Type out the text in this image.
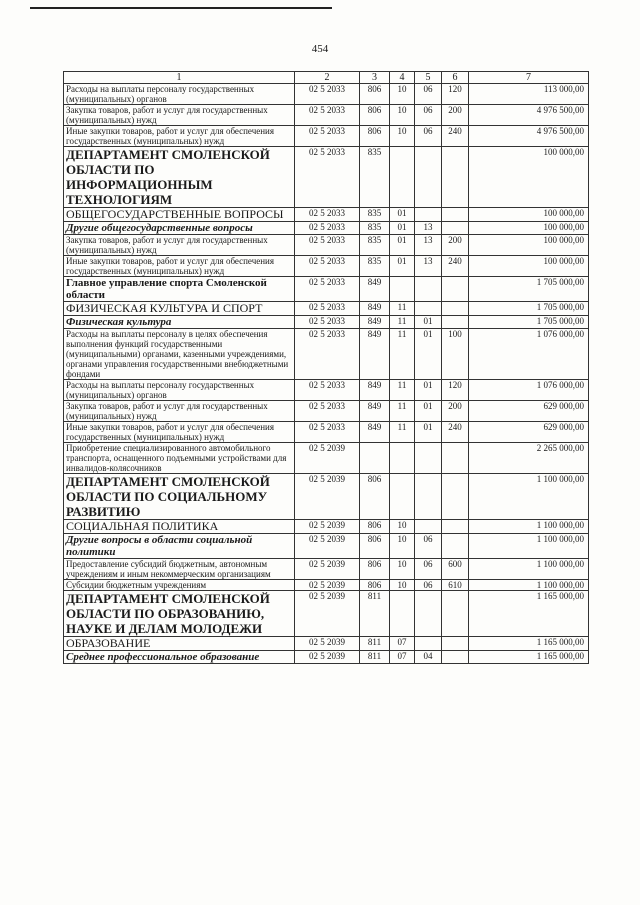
454
1	2	3	4	5	6	7
Расходы на выплаты персоналу государственных (муниципальных) органов	02 5 2033	806	10	06	120	113 000,00
Закупка товаров, работ и услуг для государственных (муниципальных) нужд	02 5 2033	806	10	06	200	4 976 500,00
Иные закупки товаров, работ и услуг для обеспечения государственных (муниципальных) нужд	02 5 2033	806	10	06	240	4 976 500,00
ДЕПАРТАМЕНТ СМОЛЕНСКОЙ ОБЛАСТИ ПО ИНФОРМАЦИОННЫМ ТЕХНОЛОГИЯМ	02 5 2033	835				100 000,00
ОБЩЕГОСУДАРСТВЕННЫЕ ВОПРОСЫ	02 5 2033	835	01			100 000,00
Другие общегосударственные вопросы	02 5 2033	835	01	13		100 000,00
Закупка товаров, работ и услуг для государственных (муниципальных) нужд	02 5 2033	835	01	13	200	100 000,00
Иные закупки товаров, работ и услуг для обеспечения государственных (муниципальных) нужд	02 5 2033	835	01	13	240	100 000,00
Главное управление спорта Смоленской области	02 5 2033	849				1 705 000,00
ФИЗИЧЕСКАЯ КУЛЬТУРА И СПОРТ	02 5 2033	849	11			1 705 000,00
Физическая культура	02 5 2033	849	11	01		1 705 000,00
Расходы на выплаты персоналу в целях обеспечения выполнения функций государственными (муниципальными) органами, казенными учреждениями, органами управления государственными внебюджетными фондами	02 5 2033	849	11	01	100	1 076 000,00
Расходы на выплаты персоналу государственных (муниципальных) органов	02 5 2033	849	11	01	120	1 076 000,00
Закупка товаров, работ и услуг для государственных (муниципальных) нужд	02 5 2033	849	11	01	200	629 000,00
Иные закупки товаров, работ и услуг для обеспечения государственных (муниципальных) нужд	02 5 2033	849	11	01	240	629 000,00
Приобретение специализированного автомобильного транспорта, оснащенного подъемными устройствами для инвалидов-колясочников	02 5 2039					2 265 000,00
ДЕПАРТАМЕНТ СМОЛЕНСКОЙ ОБЛАСТИ ПО СОЦИАЛЬНОМУ РАЗВИТИЮ	02 5 2039	806				1 100 000,00
СОЦИАЛЬНАЯ ПОЛИТИКА	02 5 2039	806	10			1 100 000,00
Другие вопросы в области социальной политики	02 5 2039	806	10	06		1 100 000,00
Предоставление субсидий бюджетным, автономным учреждениям и иным некоммерческим организациям	02 5 2039	806	10	06	600	1 100 000,00
Субсидии бюджетным учреждениям	02 5 2039	806	10	06	610	1 100 000,00
ДЕПАРТАМЕНТ СМОЛЕНСКОЙ ОБЛАСТИ ПО ОБРАЗОВАНИЮ, НАУКЕ И ДЕЛАМ МОЛОДЕЖИ	02 5 2039	811				1 165 000,00
ОБРАЗОВАНИЕ	02 5 2039	811	07			1 165 000,00
Среднее профессиональное образование	02 5 2039	811	07	04		1 165 000,00
